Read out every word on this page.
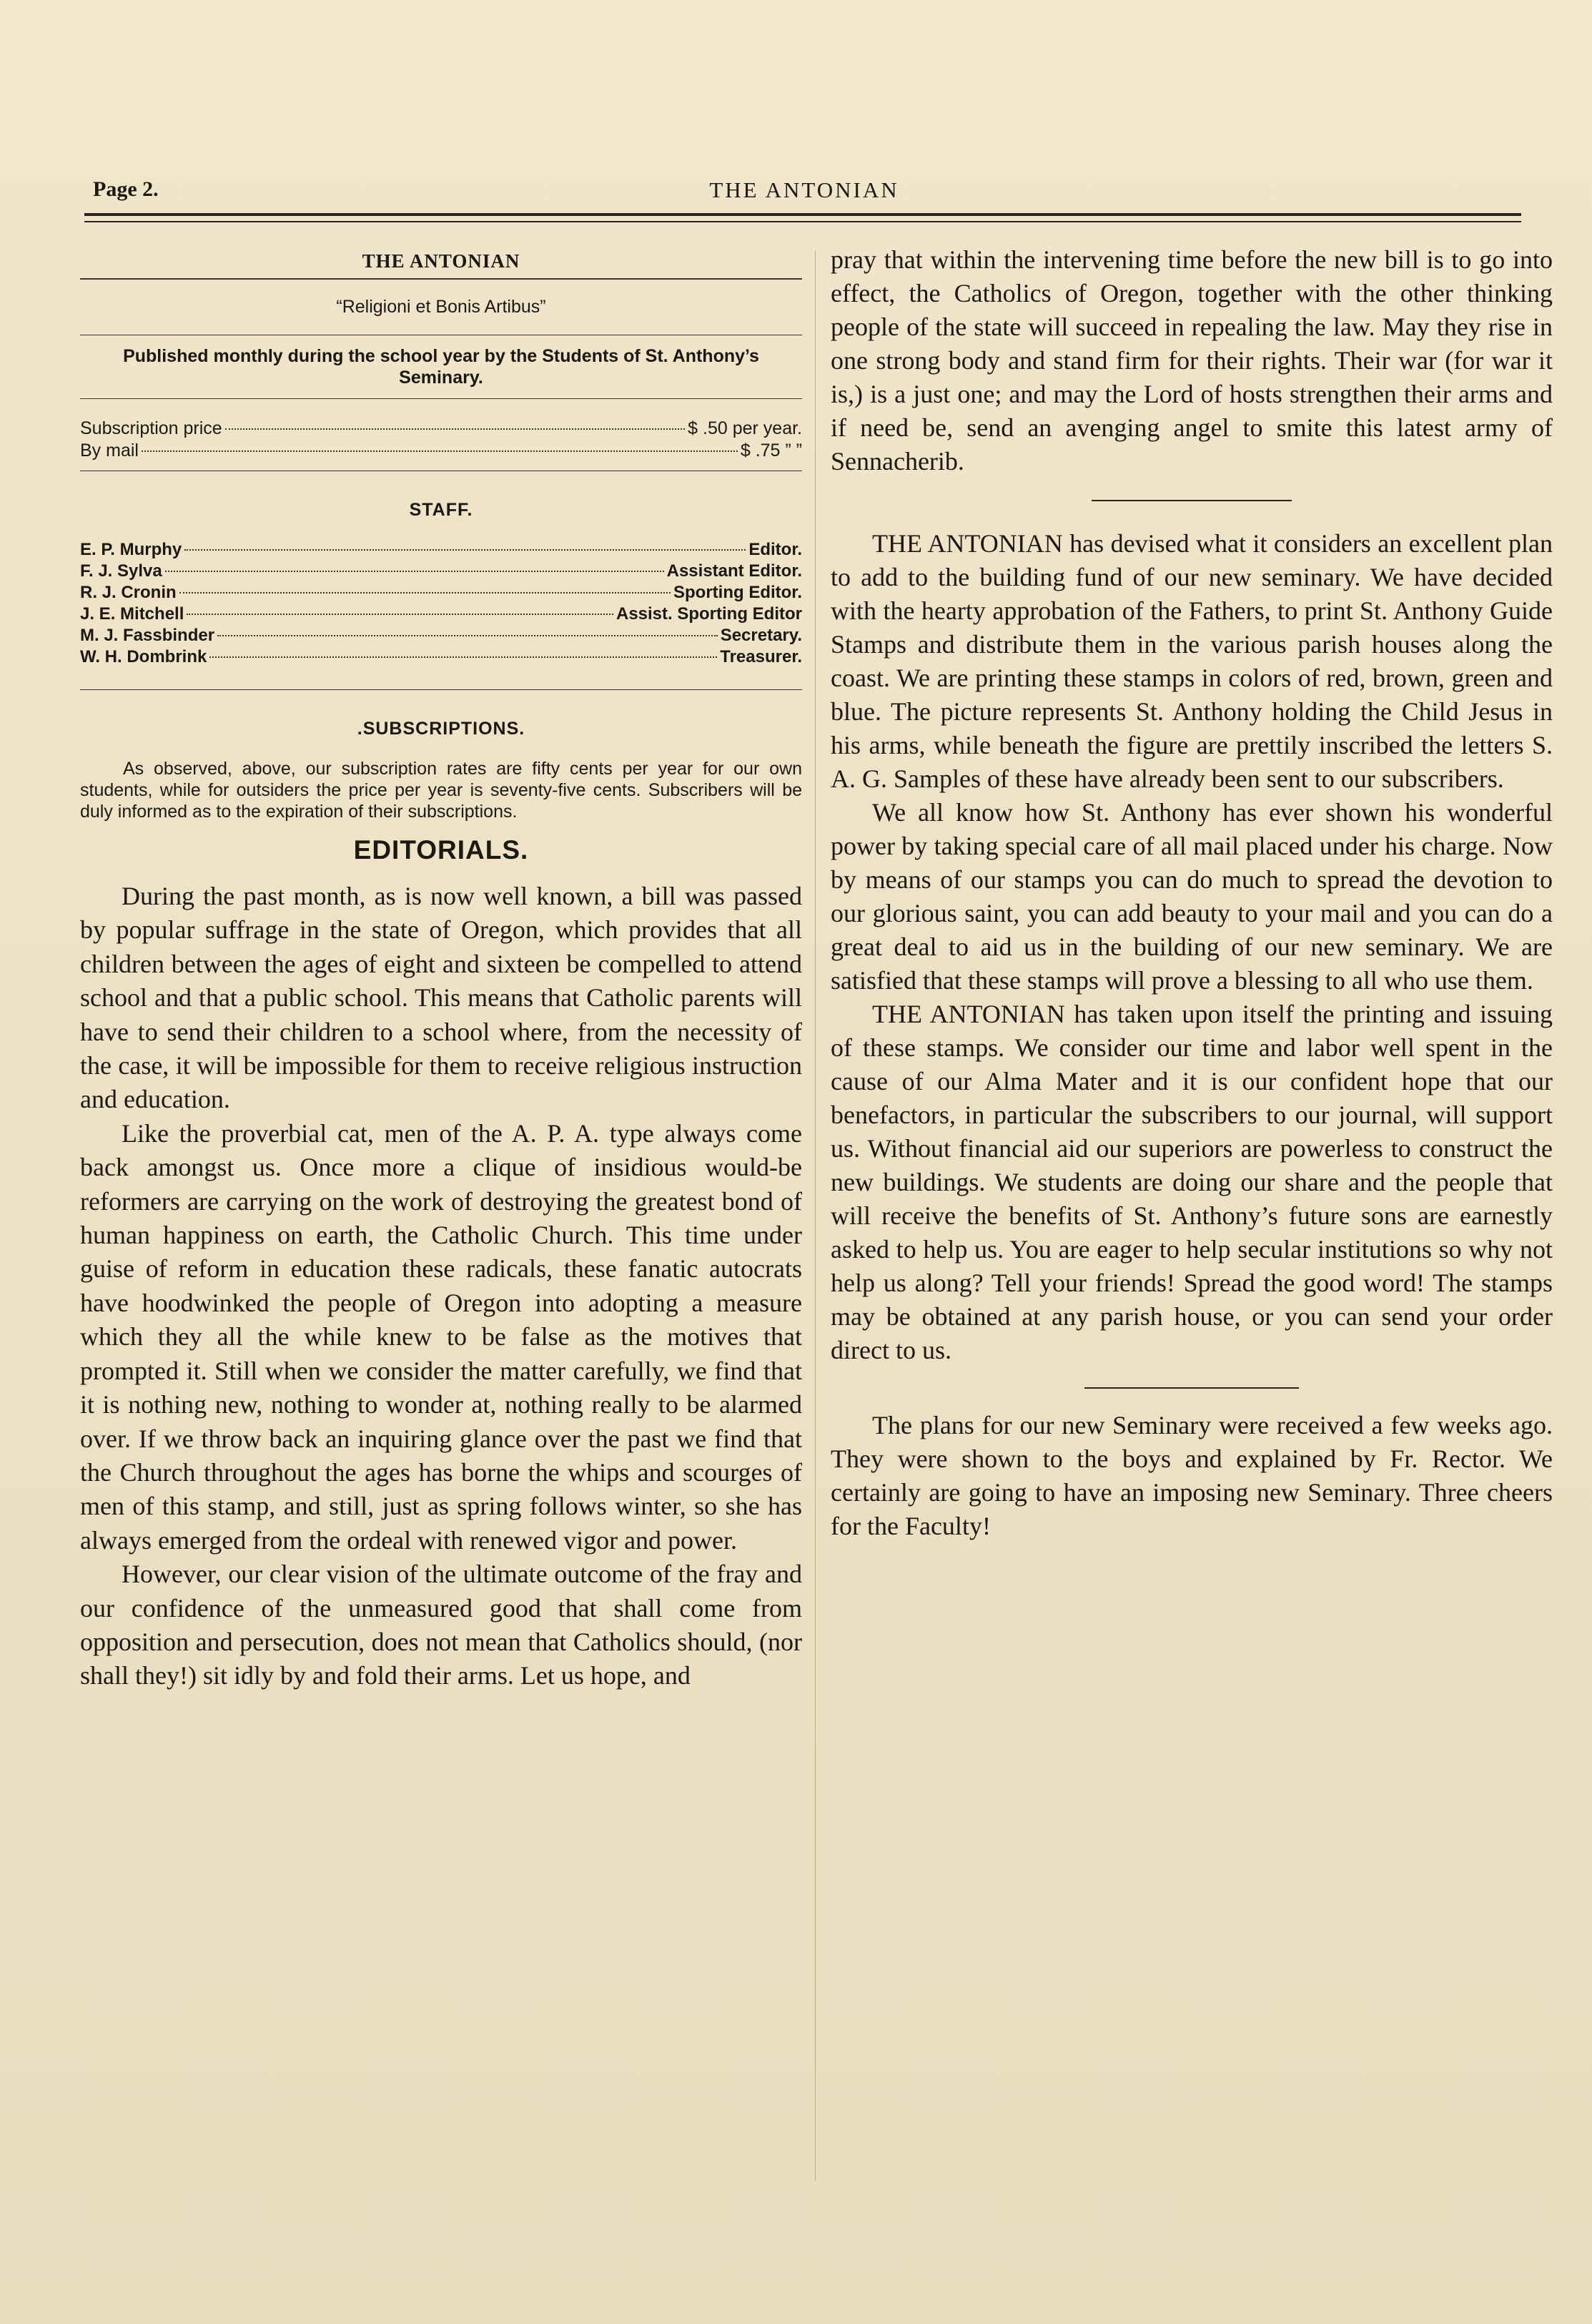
Page 2.	THE ANTONIAN
THE ANTONIAN
“Religioni et Bonis Artibus”
Published monthly during the school year by the Students of St. Anthony’s Seminary.
Subscription price	$ .50 per year.
By mail	$ .75 ” ”
STAFF.
E. P. Murphy	Editor.
F. J. Sylva	Assistant Editor.
R. J. Cronin	Sporting Editor.
J. E. Mitchell	Assist. Sporting Editor
M. J. Fassbinder	Secretary.
W. H. Dombrink	Treasurer.
.SUBSCRIPTIONS.

As observed, above, our subscription rates are fifty cents per year for our own students, while for outsiders the price per year is seventy-five cents. Subscribers will be duly informed as to the expiration of their subscriptions.

EDITORIALS.

During the past month, as is now well known, a bill was passed by popular suffrage in the state of Oregon, which provides that all children between the ages of eight and sixteen be compelled to attend school and that a public school. This means that Catholic parents will have to send their children to a school where, from the necessity of the case, it will be impossible for them to receive religious instruction and education.

Like the proverbial cat, men of the A. P. A. type always come back amongst us. Once more a clique of insidious would-be reformers are carrying on the work of destroying the greatest bond of human happiness on earth, the Catholic Church. This time under guise of reform in education these radicals, these fanatic autocrats have hoodwinked the people of Oregon into adopting a measure which they all the while knew to be false as the motives that prompted it. Still when we consider the matter carefully, we find that it is nothing new, nothing to wonder at, nothing really to be alarmed over. If we throw back an inquiring glance over the past we find that the Church throughout the ages has borne the whips and scourges of men of this stamp, and still, just as spring follows winter, so she has always emerged from the ordeal with renewed vigor and power.

However, our clear vision of the ultimate outcome of the fray and our confidence of the unmeasured good that shall come from opposition and persecution, does not mean that Catholics should, (nor shall they!) sit idly by and fold their arms. Let us hope, and

pray that within the intervening time before the new bill is to go into effect, the Catholics of Oregon, together with the other thinking people of the state will succeed in repealing the law. May they rise in one strong body and stand firm for their rights. Their war (for war it is,) is a just one; and may the Lord of hosts strengthen their arms and if need be, send an avenging angel to smite this latest army of Sennacherib.

THE ANTONIAN has devised what it considers an excellent plan to add to the building fund of our new seminary. We have decided with the hearty approbation of the Fathers, to print St. Anthony Guide Stamps and distribute them in the various parish houses along the coast. We are printing these stamps in colors of red, brown, green and blue. The picture represents St. Anthony holding the Child Jesus in his arms, while beneath the figure are prettily inscribed the letters S. A. G. Samples of these have already been sent to our subscribers.

We all know how St. Anthony has ever shown his wonderful power by taking special care of all mail placed under his charge. Now by means of our stamps you can do much to spread the devotion to our glorious saint, you can add beauty to your mail and you can do a great deal to aid us in the building of our new seminary. We are satisfied that these stamps will prove a blessing to all who use them.

THE ANTONIAN has taken upon itself the printing and issuing of these stamps. We consider our time and labor well spent in the cause of our Alma Mater and it is our confident hope that our benefactors, in particular the subscribers to our journal, will support us. Without financial aid our superiors are powerless to construct the new buildings. We students are doing our share and the people that will receive the benefits of St. Anthony’s future sons are earnestly asked to help us. You are eager to help secular institutions so why not help us along? Tell your friends! Spread the good word! The stamps may be obtained at any parish house, or you can send your order direct to us.

The plans for our new Seminary were received a few weeks ago. They were shown to the boys and explained by Fr. Rector. We certainly are going to have an imposing new Seminary. Three cheers for the Faculty!
